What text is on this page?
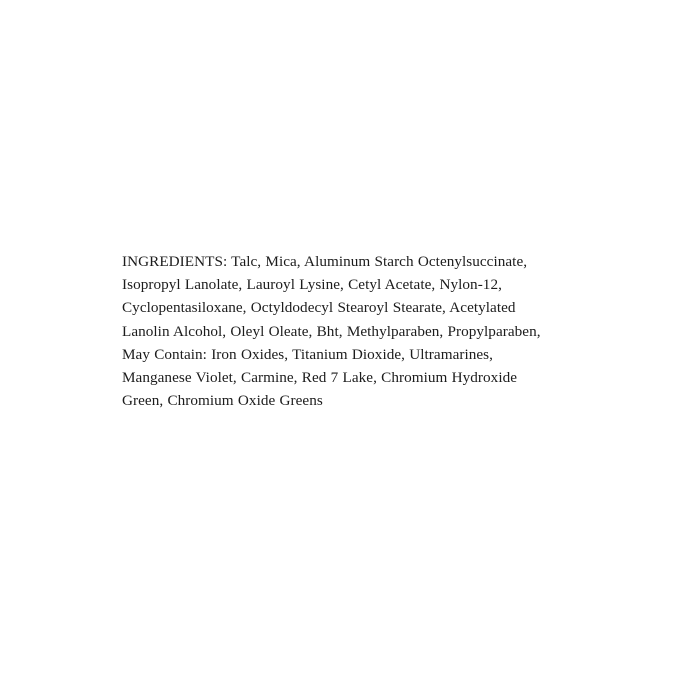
INGREDIENTS: Talc, Mica, Aluminum Starch Octenylsuccinate, Isopropyl Lanolate, Lauroyl Lysine, Cetyl Acetate, Nylon-12, Cyclopentasiloxane, Octyldodecyl Stearoyl Stearate, Acetylated Lanolin Alcohol, Oleyl Oleate, Bht, Methylparaben, Propylparaben, May Contain: Iron Oxides, Titanium Dioxide, Ultramarines, Manganese Violet, Carmine, Red 7 Lake, Chromium Hydroxide Green, Chromium Oxide Greens
